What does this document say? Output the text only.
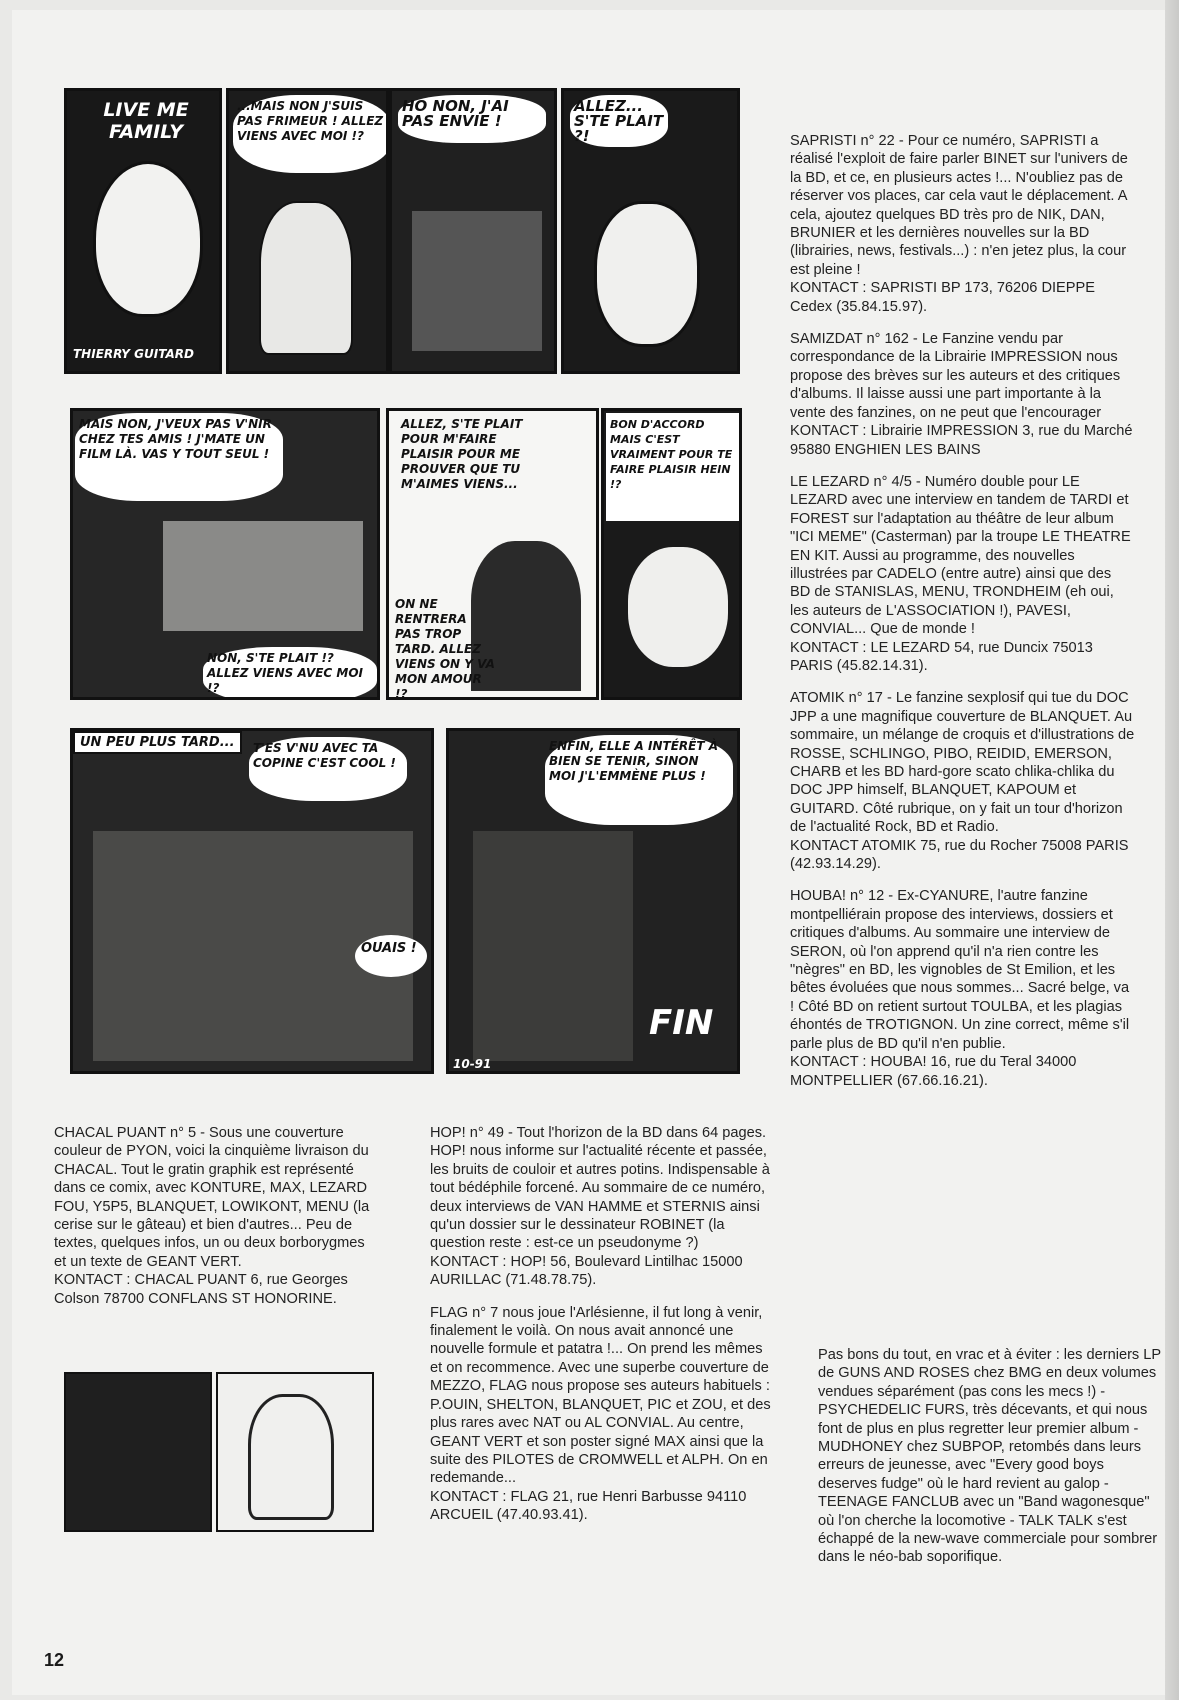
LIVE ME FAMILY
THIERRY GUITARD
...MAIS NON J'SUIS PAS FRIMEUR ! ALLEZ VIENS AVEC MOI !?
HO NON, J'AI PAS ENVIE !
ALLEZ... S'TE PLAIT ?!
MAIS NON, J'VEUX PAS V'NIR CHEZ TES AMIS ! J'MATE UN FILM LÀ. VAS Y TOUT SEUL !
NON, S'TE PLAIT !? ALLEZ VIENS AVEC MOI !?
ALLEZ, S'TE PLAIT POUR M'FAIRE PLAISIR POUR ME PROUVER QUE TU M'AIMES VIENS...
ON NE RENTRERA PAS TROP TARD. ALLEZ VIENS ON Y VA MON AMOUR !?
BON D'ACCORD MAIS C'EST VRAIMENT POUR TE FAIRE PLAISIR HEIN !?
UN PEU PLUS TARD...	T'ES V'NU AVEC TA COPINE C'EST COOL !
OUAIS !
ENFIN, ELLE A INTÉRÊT À BIEN SE TENIR, SINON MOI J'L'EMMÈNE PLUS !
10-91
FIN

SAPRISTI n° 22 - Pour ce numéro, SAPRISTI a réalisé l'exploit de faire parler BINET sur l'univers de la BD, et ce, en plusieurs actes !... N'oubliez pas de réserver vos places, car cela vaut le déplacement. A cela, ajoutez quelques BD très pro de NIK, DAN, BRUNIER et les dernières nouvelles sur la BD (librairies, news, festivals...) : n'en jetez plus, la cour est pleine !
KONTACT : SAPRISTI BP 173, 76206 DIEPPE Cedex (35.84.15.97).

SAMIZDAT n° 162 - Le Fanzine vendu par correspondance de la Librairie IMPRESSION nous propose des brèves sur les auteurs et des critiques d'albums. Il laisse aussi une part importante à la vente des fanzines, on ne peut que l'encourager
KONTACT : Librairie IMPRESSION 3, rue du Marché 95880 ENGHIEN LES BAINS

LE LEZARD n° 4/5 - Numéro double pour LE LEZARD avec une interview en tandem de TARDI et FOREST sur l'adaptation au théâtre de leur album "ICI MEME" (Casterman) par la troupe LE THEATRE EN KIT. Aussi au programme, des nouvelles illustrées par CADELO (entre autre) ainsi que des BD de STANISLAS, MENU, TRONDHEIM (eh oui, les auteurs de L'ASSOCIATION !), PAVESI, CONVIAL... Que de monde !
KONTACT : LE LEZARD 54, rue Duncix 75013 PARIS (45.82.14.31).

ATOMIK n° 17 - Le fanzine sexplosif qui tue du DOC JPP a une magnifique couverture de BLANQUET. Au sommaire, un mélange de croquis et d'illustrations de ROSSE, SCHLINGO, PIBO, REIDID, EMERSON, CHARB et les BD hard-gore scato chlika-chlika du DOC JPP himself, BLANQUET, KAPOUM et GUITARD. Côté rubrique, on y fait un tour d'horizon de l'actualité Rock, BD et Radio.
KONTACT ATOMIK 75, rue du Rocher 75008 PARIS (42.93.14.29).

HOUBA! n° 12 - Ex-CYANURE, l'autre fanzine montpelliérain propose des interviews, dossiers et critiques d'albums. Au sommaire une interview de SERON, où l'on apprend qu'il n'a rien contre les "nègres" en BD, les vignobles de St Emilion, et les bêtes évoluées que nous sommes... Sacré belge, va ! Côté BD on retient surtout TOULBA, et les plagias éhontés de TROTIGNON. Un zine correct, même s'il parle plus de BD qu'il n'en publie.
KONTACT : HOUBA! 16, rue du Teral 34000 MONTPELLIER (67.66.16.21).

CHACAL PUANT n° 5 - Sous une couverture couleur de PYON, voici la cinquième livraison du CHACAL. Tout le gratin graphik est représenté dans ce comix, avec KONTURE, MAX, LEZARD FOU, Y5P5, BLANQUET, LOWIKONT, MENU (la cerise sur le gâteau) et bien d'autres... Peu de textes, quelques infos, un ou deux borborygmes et un texte de GEANT VERT.
KONTACT : CHACAL PUANT 6, rue Georges Colson 78700 CONFLANS ST HONORINE.

HOP! n° 49 - Tout l'horizon de la BD dans 64 pages. HOP! nous informe sur l'actualité récente et passée, les bruits de couloir et autres potins. Indispensable à tout bédéphile forcené. Au sommaire de ce numéro, deux interviews de VAN HAMME et STERNIS ainsi qu'un dossier sur le dessinateur ROBINET (la question reste : est-ce un pseudonyme ?)
KONTACT : HOP! 56, Boulevard Lintilhac 15000 AURILLAC (71.48.78.75).

FLAG n° 7 nous joue l'Arlésienne, il fut long à venir, finalement le voilà. On nous avait annoncé une nouvelle formule et patatra !... On prend les mêmes et on recommence. Avec une superbe couverture de MEZZO, FLAG nous propose ses auteurs habituels : P.OUIN, SHELTON, BLANQUET, PIC et ZOU, et des plus rares avec NAT ou AL CONVIAL. Au centre, GEANT VERT et son poster signé MAX ainsi que la suite des PILOTES de CROMWELL et ALPH. On en redemande...
KONTACT : FLAG 21, rue Henri Barbusse 94110 ARCUEIL (47.40.93.41).

Pas bons du tout, en vrac et à éviter : les derniers LP de GUNS AND ROSES chez BMG en deux volumes vendues séparément (pas cons les mecs !) - PSYCHEDELIC FURS, très décevants, et qui nous font de plus en plus regretter leur premier album - MUDHONEY chez SUBPOP, retombés dans leurs erreurs de jeunesse, avec "Every good boys deserves fudge" où le hard revient au galop - TEENAGE FANCLUB avec un "Band wagonesque" où l'on cherche la locomotive - TALK TALK s'est échappé de la new-wave commerciale pour sombrer dans le néo-bab soporifique.

12
